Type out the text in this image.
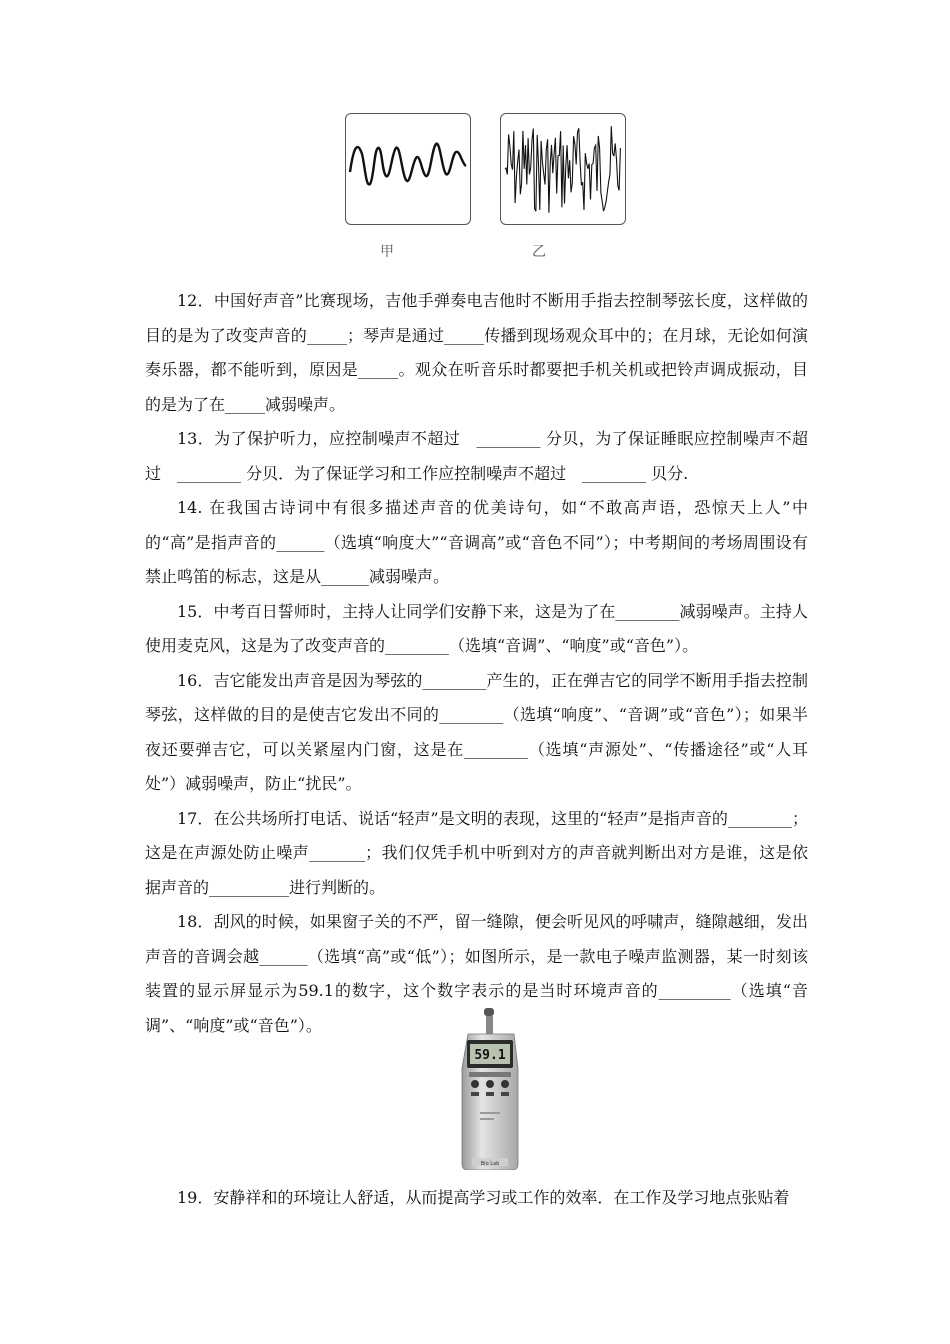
甲	乙

12．中国好声音”比赛现场，吉他手弹奏电吉他时不断用手指去控制琴弦长度，这样做的目的是为了改变声音的_____；琴声是通过_____传播到现场观众耳中的；在月球，无论如何演奏乐器，都不能听到，原因是_____。观众在听音乐时都要把手机关机或把铃声调成振动，目的是为了在_____减弱噪声。

13．为了保护听力，应控制噪声不超过　________ 分贝，为了保证睡眠应控制噪声不超过　________ 分贝．为了保证学习和工作应控制噪声不超过　________ 贝分.

14. 在我国古诗词中有很多描述声音的优美诗句，如“不敢高声语，恐惊天上人”中的“高”是指声音的______（选填“响度大”“音调高”或“音色不同”）；中考期间的考场周围设有禁止鸣笛的标志，这是从______减弱噪声。

15．中考百日誓师时，主持人让同学们安静下来，这是为了在________减弱噪声。主持人使用麦克风，这是为了改变声音的________（选填“音调”、“响度”或“音色”）。

16．吉它能发出声音是因为琴弦的________产生的，正在弹吉它的同学不断用手指去控制琴弦，这样做的目的是使吉它发出不同的________（选填“响度”、“音调”或“音色”）；如果半夜还要弹吉它，可以关紧屋内门窗，这是在________（选填“声源处”、“传播途径”或“人耳处”）减弱噪声，防止“扰民”。

17．在公共场所打电话、说话“轻声”是文明的表现，这里的“轻声”是指声音的________；这是在声源处防止噪声_______；我们仅凭手机中听到对方的声音就判断出对方是谁，这是依据声音的__________进行判断的。

18．刮风的时候，如果窗子关的不严，留一缝隙，便会听见风的呼啸声，缝隙越细，发出声音的音调会越______（选填“高”或“低”）；如图所示，是一款电子噪声监测器，某一时刻该装置的显示屏显示为59.1的数字，这个数字表示的是当时环境声音的_________（选填“音调”、“响度”或“音色”）。

59.1
Bio Lab

19．安静祥和的环境让人舒适，从而提高学习或工作的效率．在工作及学习地点张贴着
